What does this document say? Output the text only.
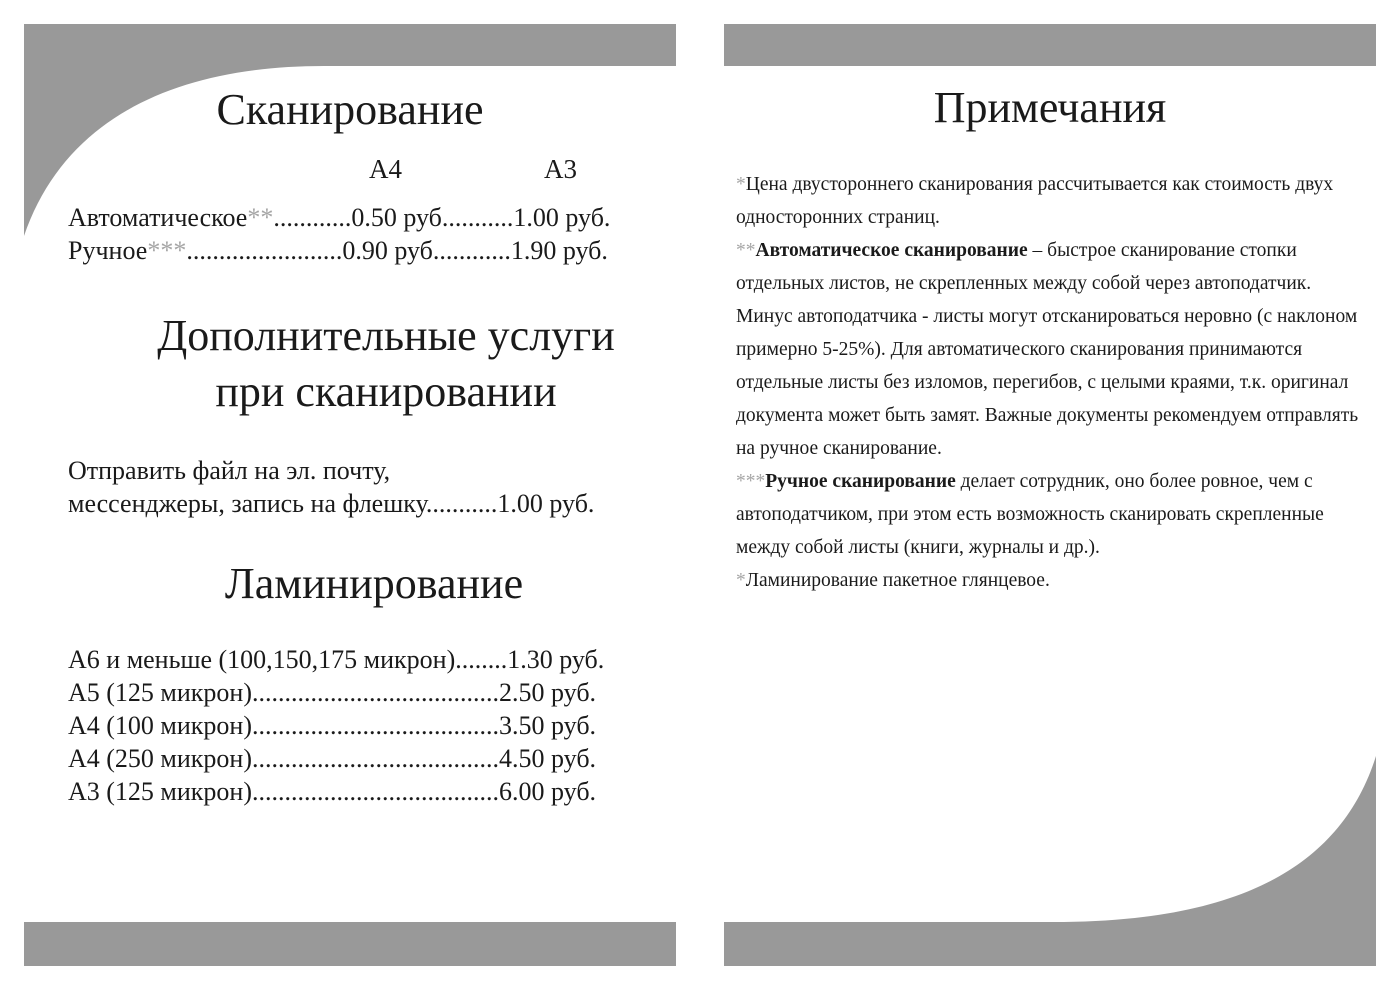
Сканирование
А4	А3
Автоматическое**............0.50 руб...........1.00 руб.
Ручное***........................0.90 руб............1.90 руб.
Дополнительные услуги
при сканировании
Отправить файл на эл. почту,
мессенджеры, запись на флешку...........1.00 руб.
Ламинирование
А6 и меньше (100,150,175 микрон)........1.30 руб.
А5 (125 микрон)......................................2.50 руб.
А4 (100 микрон)......................................3.50 руб.
А4 (250 микрон)......................................4.50 руб.
А3 (125 микрон)......................................6.00 руб.
Примечания

*Цена двустороннего сканирования рассчитывается как стоимость двух односторонних страниц.

**Автоматическое сканирование – быстрое сканирование стопки отдельных листов, не скрепленных между собой через автоподатчик. Минус автоподатчика - листы могут отсканироваться неровно (с наклоном примерно 5-25%). Для автоматического сканирования принимаются отдельные листы без изломов, перегибов, с целыми краями, т.к. оригинал документа может быть замят. Важные документы рекомендуем отправлять на ручное сканирование.

***Ручное сканирование делает сотрудник, оно более ровное, чем с автоподатчиком, при этом есть возможность сканировать скрепленные между собой листы (книги, журналы и др.).

*Ламинирование пакетное глянцевое.
